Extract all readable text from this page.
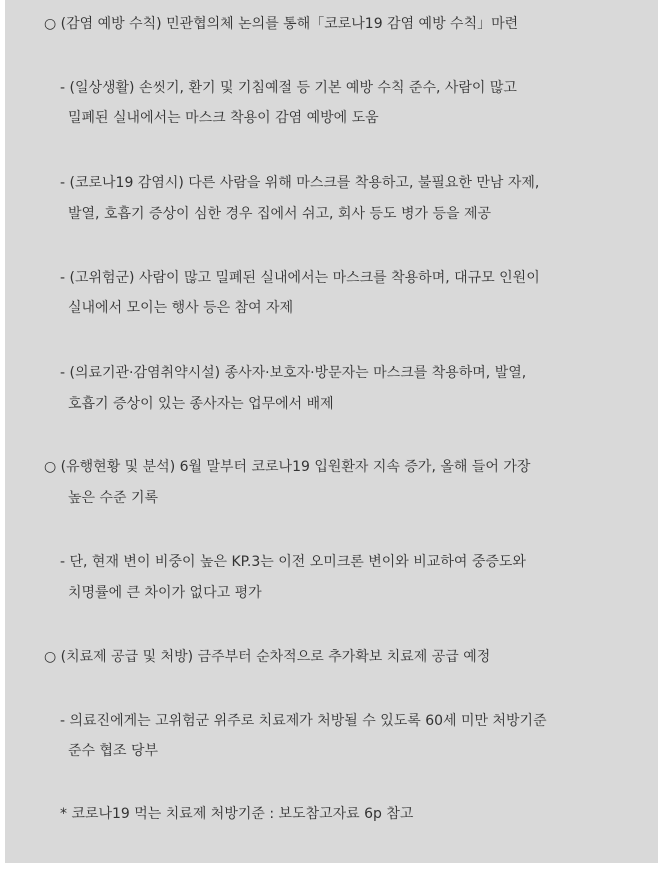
○ (감염 예방 수칙) 민관협의체 논의를 통해「코로나19 감염 예방 수칙」마련
- (일상생활) 손씻기, 환기 및 기침예절 등 기본 예방 수칙 준수, 사람이 많고
밀폐된 실내에서는 마스크 착용이 감염 예방에 도움
- (코로나19 감염시) 다른 사람을 위해 마스크를 착용하고, 불필요한 만남 자제,
발열, 호흡기 증상이 심한 경우 집에서 쉬고, 회사 등도 병가 등을 제공
- (고위험군) 사람이 많고 밀폐된 실내에서는 마스크를 착용하며, 대규모 인원이
실내에서 모이는 행사 등은 참여 자제
- (의료기관·감염취약시설) 종사자·보호자·방문자는 마스크를 착용하며, 발열,
호흡기 증상이 있는 종사자는 업무에서 배제
○ (유행현황 및 분석) 6월 말부터 코로나19 입원환자 지속 증가, 올해 들어 가장
높은 수준 기록
- 단, 현재 변이 비중이 높은 KP.3는 이전 오미크론 변이와 비교하여 중증도와
치명률에 큰 차이가 없다고 평가
○ (치료제 공급 및 처방) 금주부터 순차적으로 추가확보 치료제 공급 예정
- 의료진에게는 고위험군 위주로 치료제가 처방될 수 있도록 60세 미만 처방기준
준수 협조 당부
* 코로나19 먹는 치료제 처방기준 : 보도참고자료 6p 참고
